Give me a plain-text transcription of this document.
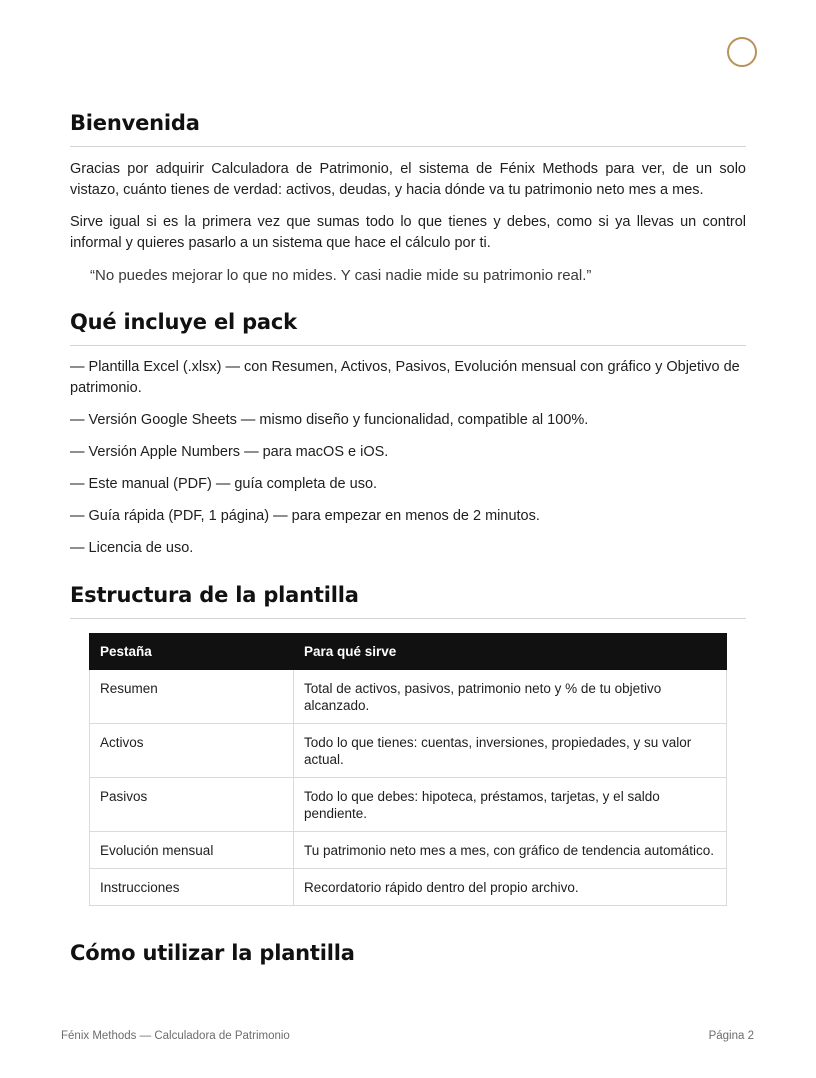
Bienvenida

Gracias por adquirir Calculadora de Patrimonio, el sistema de Fénix Methods para ver, de un solo vistazo, cuánto tienes de verdad: activos, deudas, y hacia dónde va tu patrimonio neto mes a mes.

Sirve igual si es la primera vez que sumas todo lo que tienes y debes, como si ya llevas un control informal y quieres pasarlo a un sistema que hace el cálculo por ti.

“No puedes mejorar lo que no mides. Y casi nadie mide su patrimonio real.”

Qué incluye el pack

— Plantilla Excel (.xlsx) — con Resumen, Activos, Pasivos, Evolución mensual con gráfico y Objetivo de patrimonio.

— Versión Google Sheets — mismo diseño y funcionalidad, compatible al 100%.

— Versión Apple Numbers — para macOS e iOS.

— Este manual (PDF) — guía completa de uso.

— Guía rápida (PDF, 1 página) — para empezar en menos de 2 minutos.

— Licencia de uso.

Estructura de la plantilla
Pestaña	Para qué sirve
Resumen	Total de activos, pasivos, patrimonio neto y % de tu objetivo alcanzado.
Activos	Todo lo que tienes: cuentas, inversiones, propiedades, y su valor actual.
Pasivos	Todo lo que debes: hipoteca, préstamos, tarjetas, y el saldo pendiente.
Evolución mensual	Tu patrimonio neto mes a mes, con gráfico de tendencia automático.
Instrucciones	Recordatorio rápido dentro del propio archivo.
Cómo utilizar la plantilla
Fénix Methods — Calculadora de Patrimonio	Página 2
